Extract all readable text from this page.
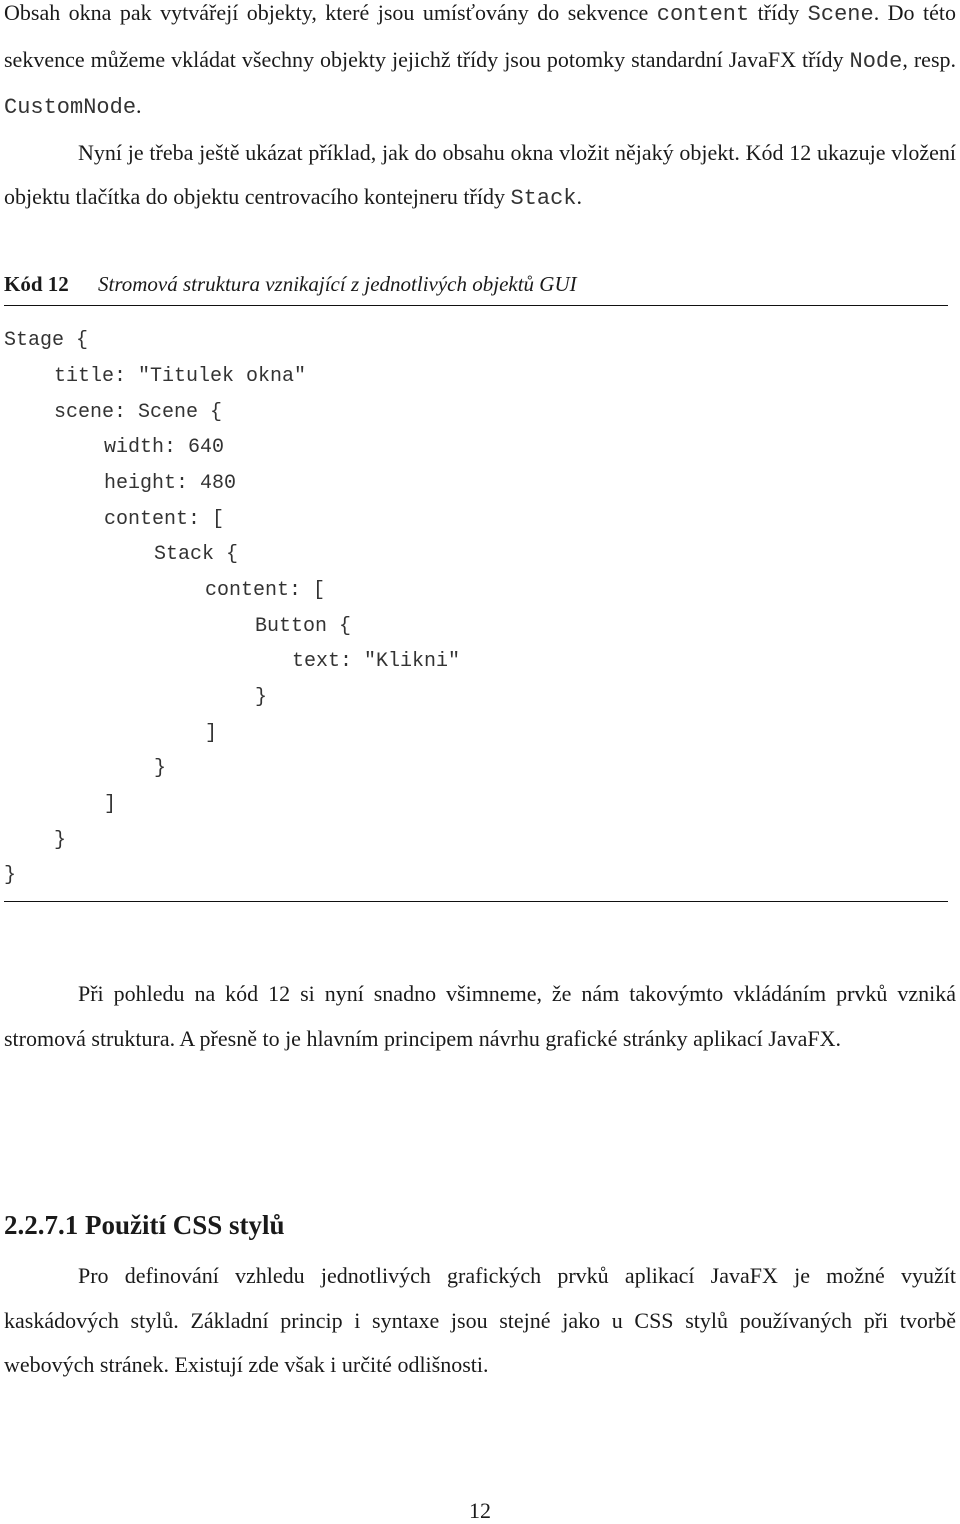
Obsah okna pak vytvářejí objekty, které jsou umísťovány do sekvence content třídy Scene. Do této sekvence můžeme vkládat všechny objekty jejichž třídy jsou potomky standardní JavaFX třídy Node, resp. CustomNode.
Nyní je třeba ještě ukázat příklad, jak do obsahu okna vložit nějaký objekt. Kód 12 ukazuje vložení objektu tlačítka do objektu centrovacího kontejneru třídy Stack.

Kód 12 Stromová struktura vznikající z jednotlivých objektů GUI
Stage {
title: "Titulek okna"
scene: Scene {
width: 640
height: 480
content: [
Stack {
content: [
Button {
text: "Klikni"
}
]
}
]
}
}

Při pohledu na kód 12 si nyní snadno všimneme, že nám takovýmto vkládáním prvků vzniká stromová struktura. A přesně to je hlavním principem návrhu grafické stránky aplikací JavaFX.

2.2.7.1 Použití CSS stylů

Pro definování vzhledu jednotlivých grafických prvků aplikací JavaFX je možné využít kaskádových stylů. Základní princip i syntaxe jsou stejné jako u CSS stylů používaných při tvorbě webových stránek. Existují zde však i určité odlišnosti.

12
